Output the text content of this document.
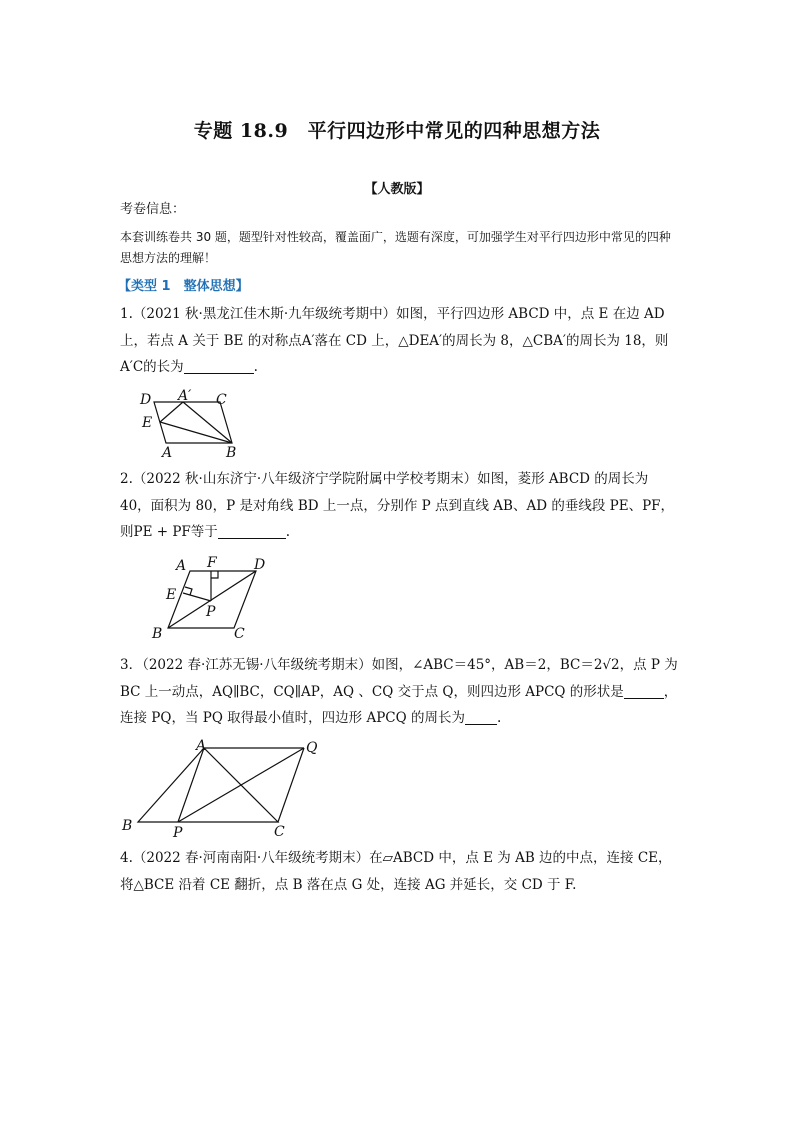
专题 18.9　平行四边形中常见的四种思想方法
【人教版】
考卷信息：
本套训练卷共 30 题，题型针对性较高，覆盖面广，选题有深度，可加强学生对平行四边形中常见的四种思想方法的理解！
【类型 1　整体思想】
1.（2021 秋·黑龙江佳木斯·九年级统考期中）如图，平行四边形 ABCD 中，点 E 在边 AD 上，若点 A 关于 BE 的对称点A′落在 CD 上，△DEA′的周长为 8，△CBA′的周长为 18，则A′C的长为	.
D A′ C
E
A	B
2.（2022 秋·山东济宁·八年级济宁学院附属中学校考期末）如图，菱形 ABCD 的周长为 40，面积为 80，P 是对角线 BD 上一点，分别作 P 点到直线 AB、AD 的垂线段 PE、PF，则PE + PF等于	.
A F	D
E
P
B	C
3．（2022 春·江苏无锡·八年级统考期末）如图，∠ABC＝45°，AB＝2，BC＝2√2，点 P 为 BC 上一动点，AQ∥BC，CQ∥AP，AQ 、CQ 交于点 Q，则四边形 APCQ 的形状是	，连接 PQ，当 PQ 取得最小值时，四边形 APCQ 的周长为 .
A	Q
B	P	C
4.（2022 春·河南南阳·八年级统考期末）在▱ABCD 中，点 E 为 AB 边的中点，连接 CE，将△BCE 沿着 CE 翻折，点 B 落在点 G 处，连接 AG 并延长，交 CD 于 F.
